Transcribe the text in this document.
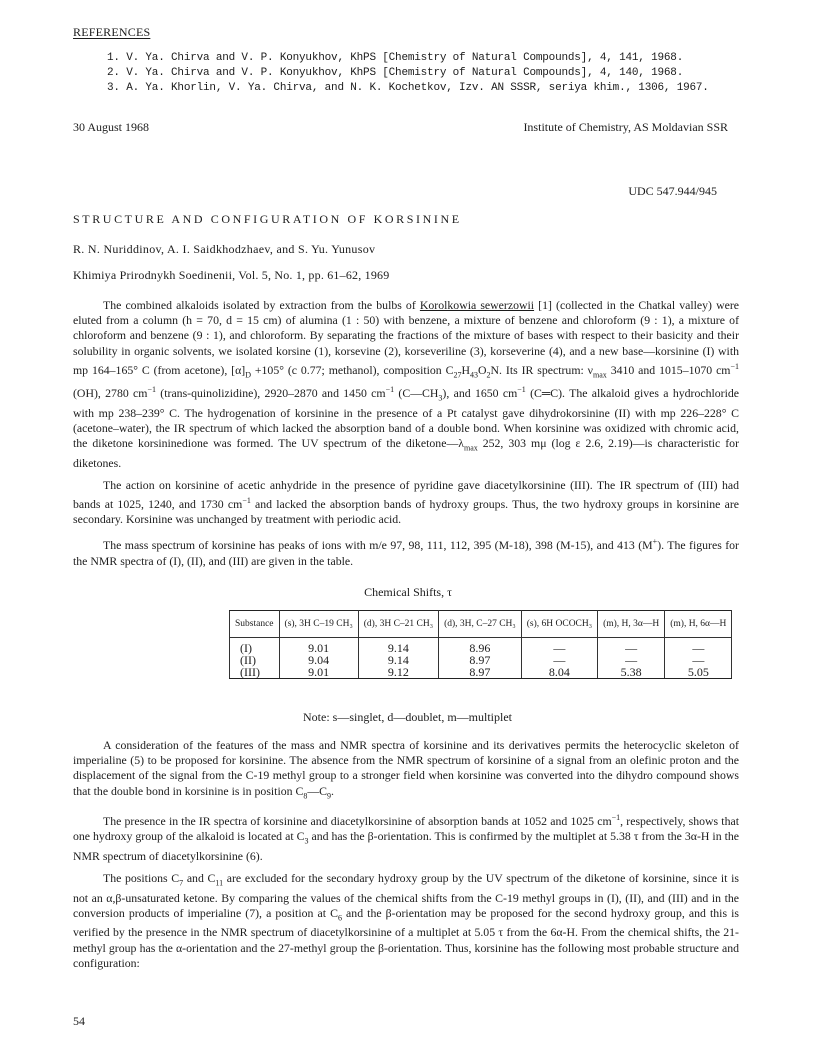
REFERENCES
1. V. Ya. Chirva and V. P. Konyukhov, KhPS [Chemistry of Natural Compounds], 4, 141, 1968.
2. V. Ya. Chirva and V. P. Konyukhov, KhPS [Chemistry of Natural Compounds], 4, 140, 1968.
3. A. Ya. Khorlin, V. Ya. Chirva, and N. K. Kochetkov, Izv. AN SSSR, seriya khim., 1306, 1967.
30 August 1968	Institute of Chemistry, AS Moldavian SSR
UDC 547.944/945
STRUCTURE AND CONFIGURATION OF KORSININE
R. N. Nuriddinov, A. I. Saidkhodzhaev, and S. Yu. Yunusov
Khimiya Prirodnykh Soedinenii, Vol. 5, No. 1, pp. 61–62, 1969

The combined alkaloids isolated by extraction from the bulbs of Korolkowia sewerzowii [1] (collected in the Chatkal valley) were eluted from a column (h = 70, d = 15 cm) of alumina (1 : 50) with benzene, a mixture of benzene and chloroform (9 : 1), a mixture of chloroform and benzene (9 : 1), and chloroform. By separating the fractions of the mixture of bases with respect to their basicity and their solubility in organic solvents, we isolated korsine (1), korsevine (2), korseveriline (3), korseverine (4), and a new base—korsinine (I) with mp 164–165° C (from acetone), $[\alpha]_D +105^\circ$ (c 0.77; methanol), composition $C_{27}H_{43}O_2N$. Its IR spectrum: $\nu_{max}$ 3410 and 1015–1070 $cm^{-1}$ (OH), 2780 $cm^{-1}$ (trans-quinolizidine), 2920–2870 and 1450 $cm^{-1}$ $(C—CH_3)$, and 1650 $cm^{-1}$ (C═C). The alkaloid gives a hydrochloride with mp 238–239° C. The hydrogenation of korsinine in the presence of a Pt catalyst gave dihydrokorsinine (II) with mp 226–228° C (acetone–water), the IR spectrum of which lacked the absorption band of a double bond. When korsinine was oxidized with chromic acid, the diketone korsininedione was formed. The UV spectrum of the $diketone—\lambda_{max}$ 252, 303 mμ (log ε 2.6, 2.19)—is characteristic for diketones.

The action on korsinine of acetic anhydride in the presence of pyridine gave diacetylkorsinine (III). The IR spectrum of (III) had bands at 1025, 1240, and 1730 $cm^{-1}$ and lacked the absorption bands of hydroxy groups. Thus, the two hydroxy groups in korsinine are secondary. Korsinine was unchanged by treatment with periodic acid.

The mass spectrum of korsinine has peaks of ions with m/e 97, 98, 111, 112, 395 (M-18), 398 (M-15), and 413 (M+). The figures for the NMR spectra of (I), (II), and (III) are given in the table.

Chemical Shifts, τ
Substance	(s), 3H C–19 CH₃	(d), 3H C–21 CH₃	(d), 3H, C–27 CH₃	(s), 6H OCOCH₃	(m), H, 3α—H	(m), H, 6α—H

(I)	9.01	9.14	8.96	—	—	—
(II)	9.04	9.14	8.97	—	—	—
(III)	9.01	9.12	8.97	8.04	5.38	5.05
Note: s—singlet, d—doublet, m—multiplet

A consideration of the features of the mass and NMR spectra of korsinine and its derivatives permits the heterocyclic skeleton of imperialine (5) to be proposed for korsinine. The absence from the NMR spectrum of korsinine of a signal from an olefinic proton and the displacement of the signal from the C-19 methyl group to a stronger field when korsinine was converted into the dihydro compound shows that the double bond in korsinine is in position $C_8—C_9$.

The presence in the IR spectra of korsinine and diacetylkorsinine of absorption bands at 1052 and 1025 $cm^{-1}$, respectively, shows that one hydroxy group of the alkaloid is located at $C_3$ and has the β-orientation. This is confirmed by the multiplet at 5.38 τ from the 3α-H in the NMR spectrum of diacetylkorsinine (6).

The positions $C_7$ and $C_{11}$ are excluded for the secondary hydroxy group by the UV spectrum of the diketone of korsinine, since it is not an α,β-unsaturated ketone. By comparing the values of the chemical shifts from the C-19 methyl groups in (I), (II), and (III) and in the conversion products of imperialine (7), a position at $C_6$ and the β-orientation may be proposed for the second hydroxy group, and this is verified by the presence in the NMR spectrum of diacetylkorsinine of a multiplet at 5.05 τ from the 6α-H. From the chemical shifts, the 21-methyl group has the α-orientation and the 27-methyl group the β-orientation. Thus, korsinine has the following most probable structure and configuration:

54
